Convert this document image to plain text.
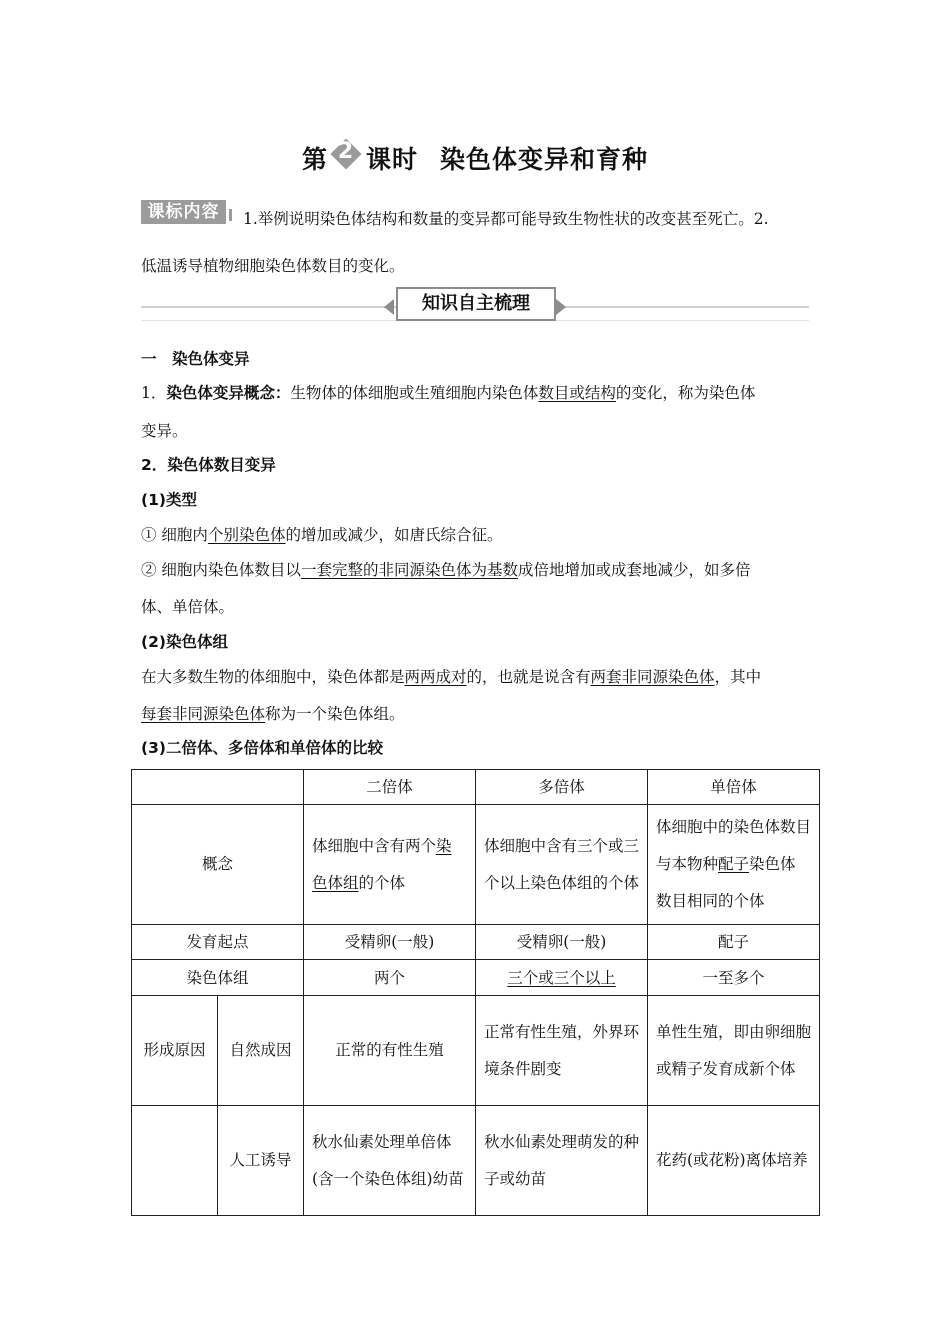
第 2 课时 染色体变异和育种
课标内容	1.举例说明染色体结构和数量的变异都可能导致生物性状的改变甚至死亡。2.
低温诱导植物细胞染色体数目的变化。
知识自主梳理
一　染色体变异
1．染色体变异概念：生物体的体细胞或生殖细胞内染色体数目或结构的变化，称为染色体
变异。
2．染色体数目变异
(1)类型
① 细胞内个别染色体的增加或减少，如唐氏综合征。
② 细胞内染色体数目以一套完整的非同源染色体为基数成倍地增加或成套地减少，如多倍
体、单倍体。
(2)染色体组
在大多数生物的体细胞中，染色体都是两两成对的，也就是说含有两套非同源染色体，其中
每套非同源染色体称为一个染色体组。
(3)二倍体、多倍体和单倍体的比较
		二倍体	多倍体	单倍体
概念		体细胞中含有两个染色体组的个体	体细胞中含有三个或三个以上染色体组的个体	体细胞中的染色体数目与本物种配子染色体数目相同的个体
发育起点		受精卵(一般)	受精卵(一般)	配子
染色体组		两个	三个或三个以上	一至多个
形成原因	自然成因	正常的有性生殖	正常有性生殖，外界环境条件剧变	单性生殖，即由卵细胞或精子发育成新个体
	人工诱导	秋水仙素处理单倍体(含一个染色体组)幼苗	秋水仙素处理萌发的种子或幼苗	花药(或花粉)离体培养
